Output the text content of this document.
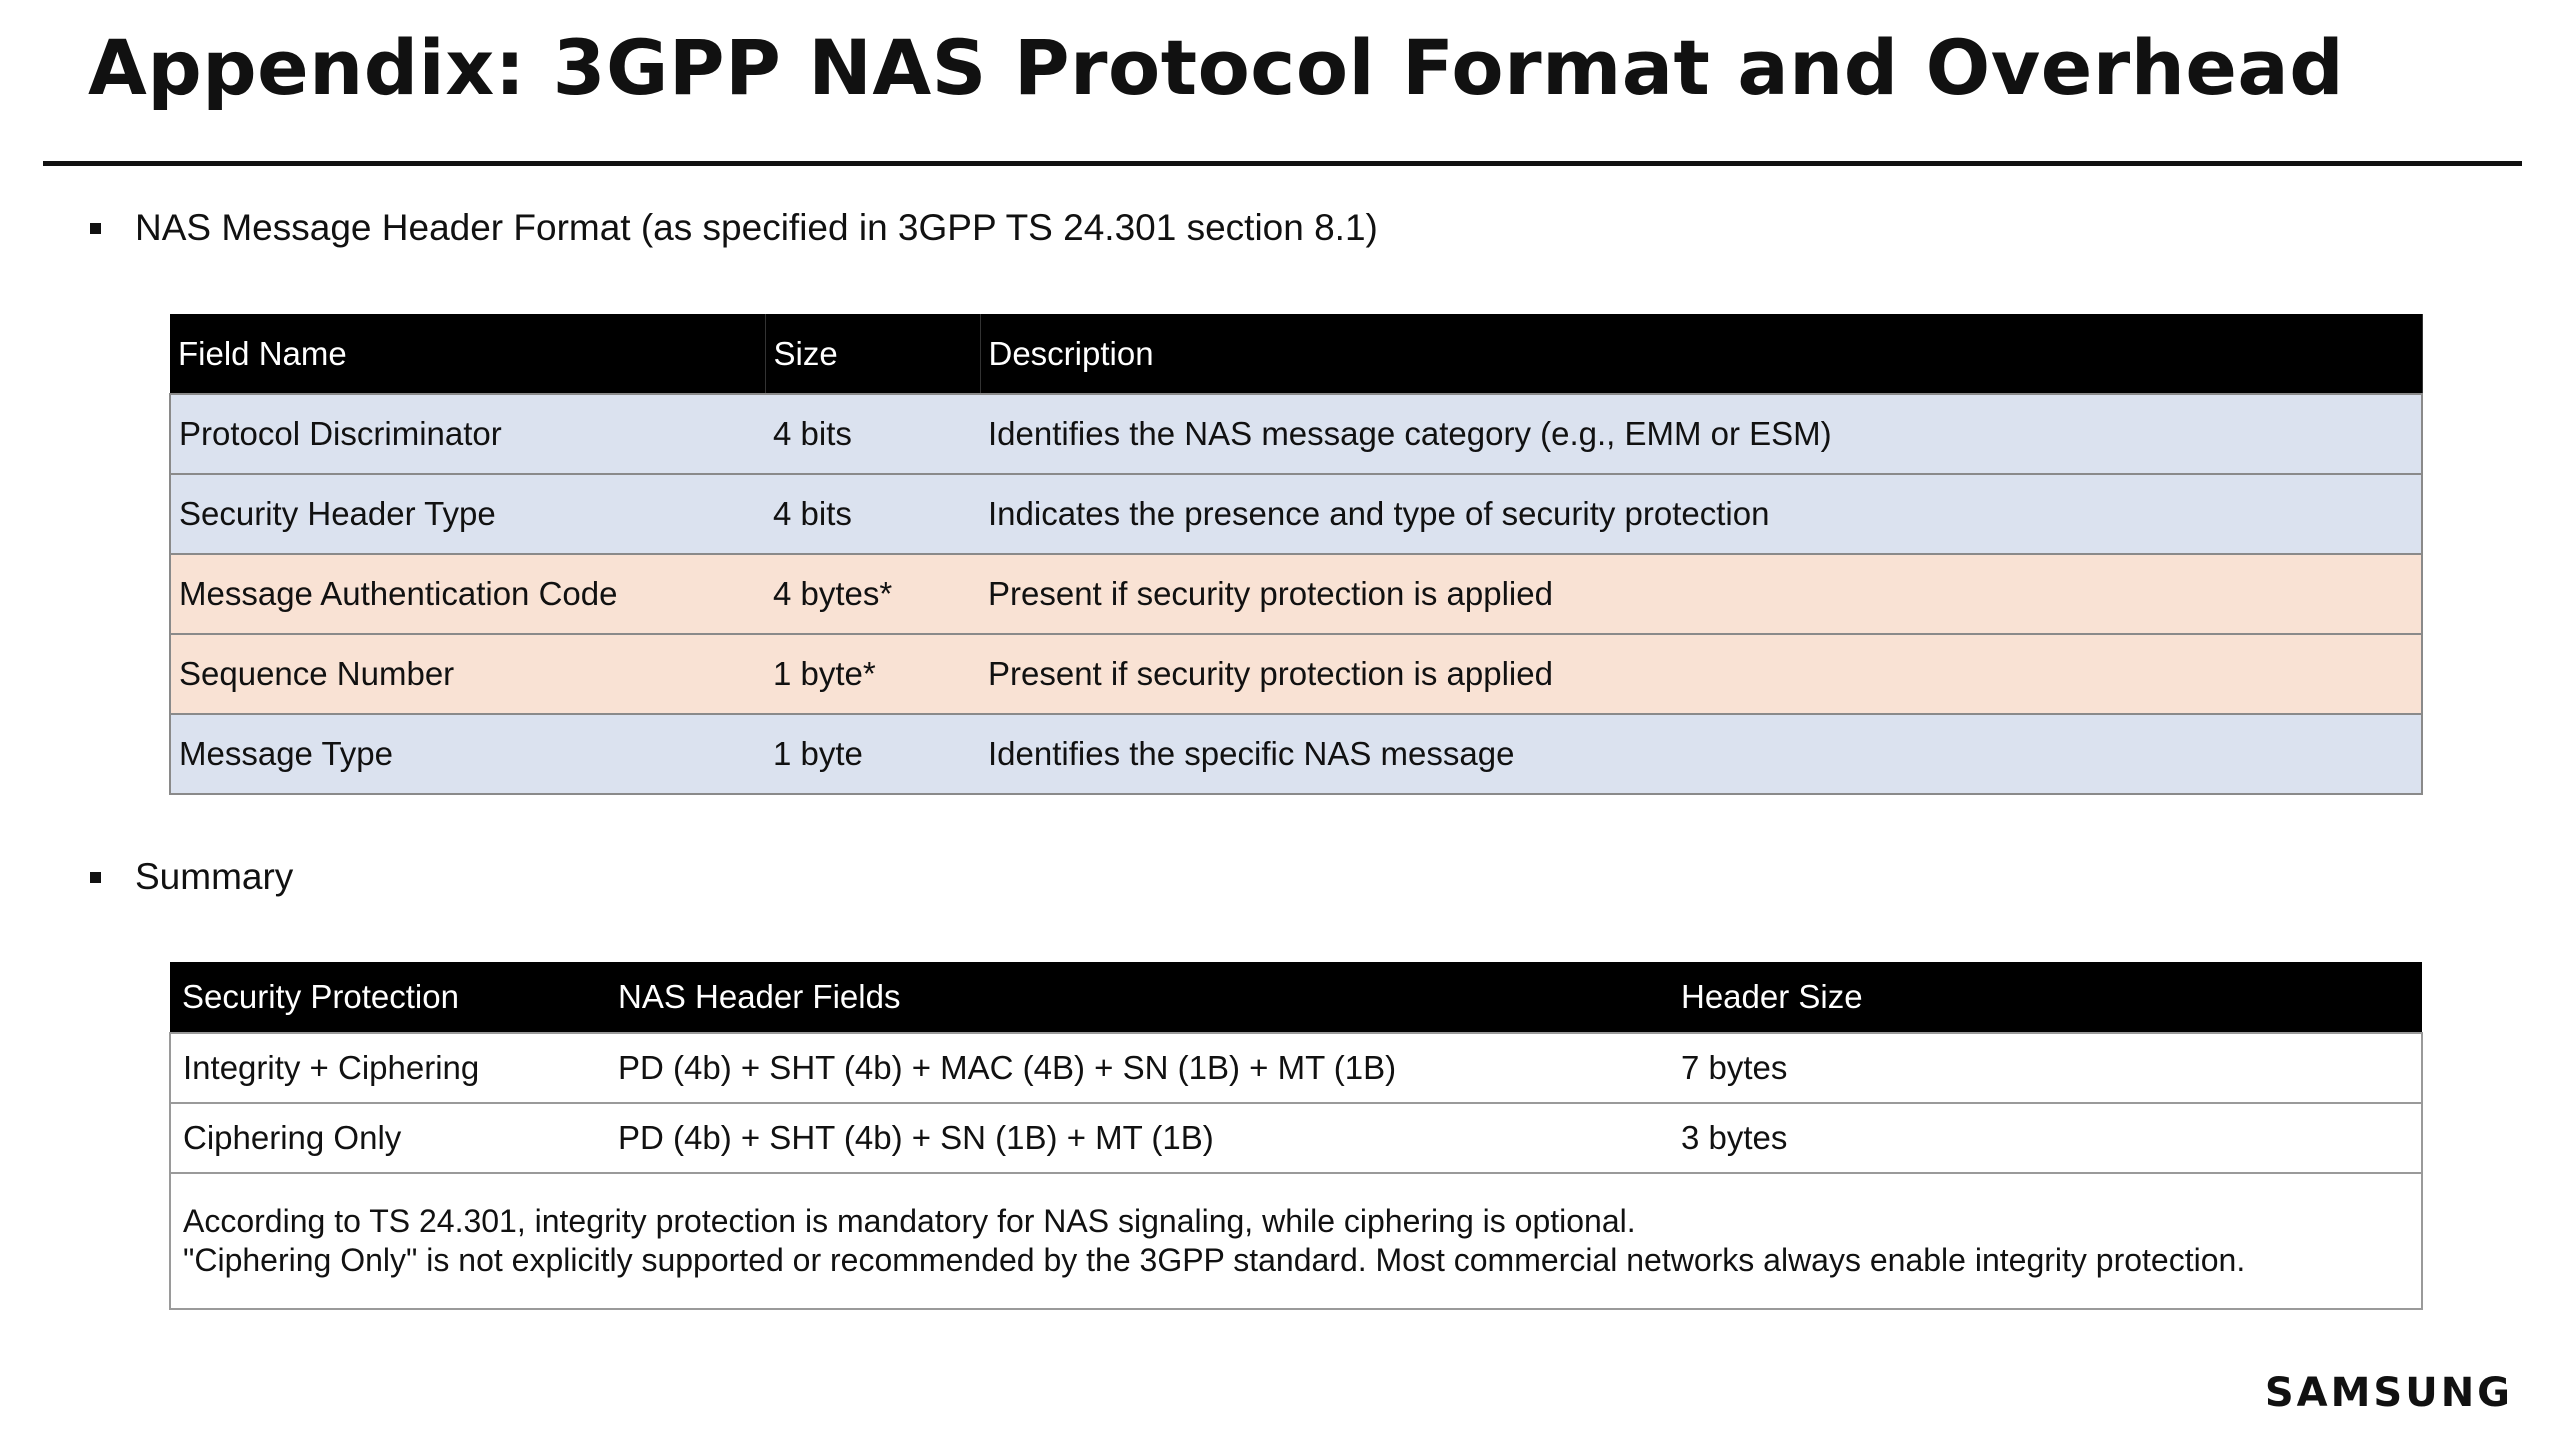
Appendix: 3GPP NAS Protocol Format and Overhead
NAS Message Header Format (as specified in 3GPP TS 24.301 section 8.1)
Field Name	Size	Description
Protocol Discriminator	4 bits	Identifies the NAS message category (e.g., EMM or ESM)
Security Header Type	4 bits	Indicates the presence and type of security protection
Message Authentication Code	4 bytes*	Present if security protection is applied
Sequence Number	1 byte*	Present if security protection is applied
Message Type	1 byte	Identifies the specific NAS message
Summary
Security Protection	NAS Header Fields	Header Size
Integrity + Ciphering	PD (4b) + SHT (4b) + MAC (4B) + SN (1B) + MT (1B)	7 bytes
Ciphering Only	PD (4b) + SHT (4b) + SN (1B) + MT (1B)	3 bytes

According to TS 24.301, integrity protection is mandatory for NAS signaling, while ciphering is optional.
"Ciphering Only" is not explicitly supported or recommended by the 3GPP standard. Most commercial networks always enable integrity protection.		
SAMSUNG
